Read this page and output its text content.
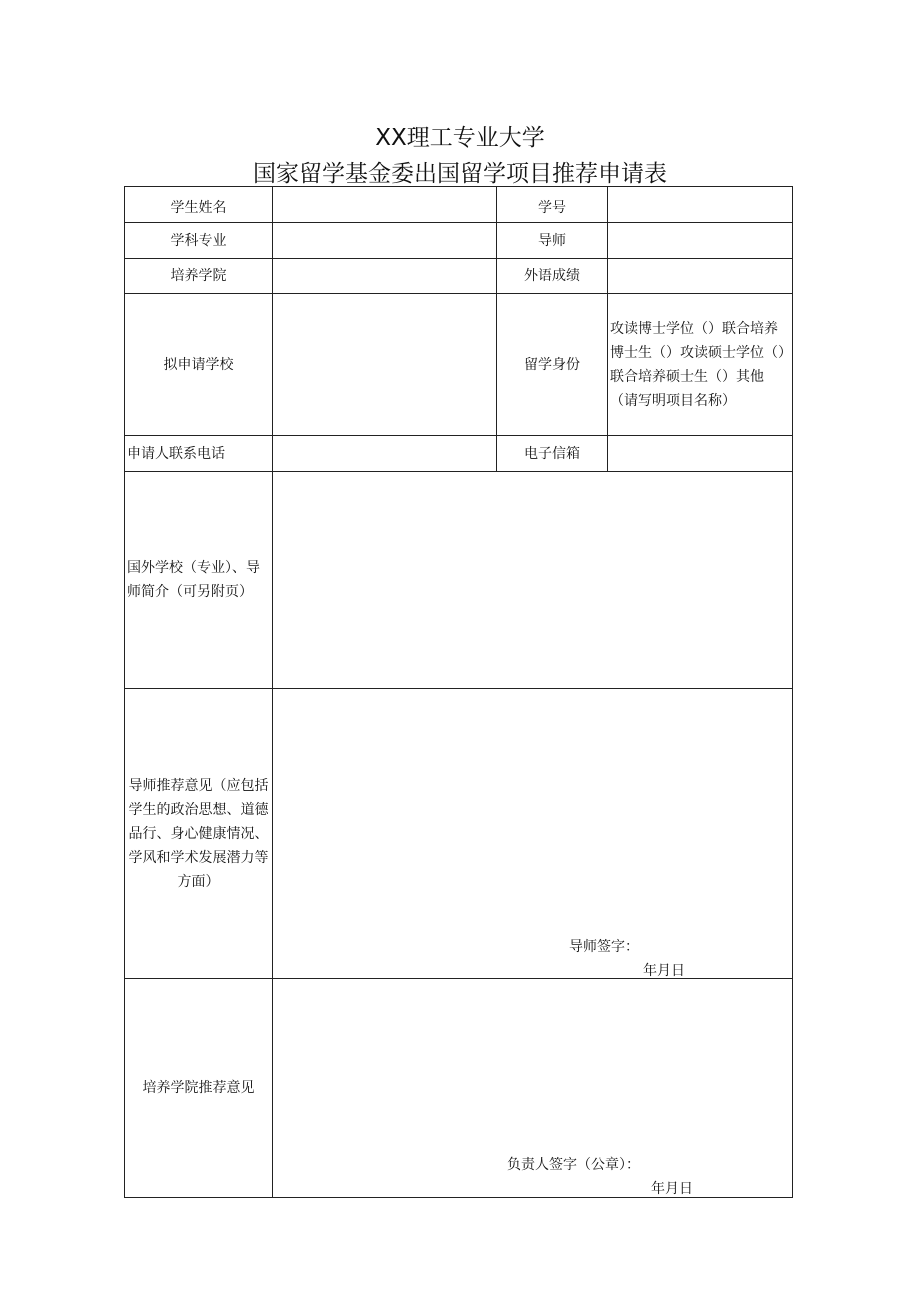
XX理工专业大学
国家留学基金委出国留学项目推荐申请表
学生姓名		学号	
学科专业		导师	
培养学院		外语成绩	
拟申请学校		留学身份	攻读博士学位（）联合培养博士生（）攻读硕士学位（）联合培养硕士生（）其他（请写明项目名称）
申请人联系电话		电子信箱	
国外学校（专业）、导师简介（可另附页）			
导师推荐意见（应包括学生的政治思想、道德品行、身心健康情况、学风和学术发展潜力等方面）	导师签字：
年月日		

培养学院推荐意见	负责人签字（公章）：
年月日		
